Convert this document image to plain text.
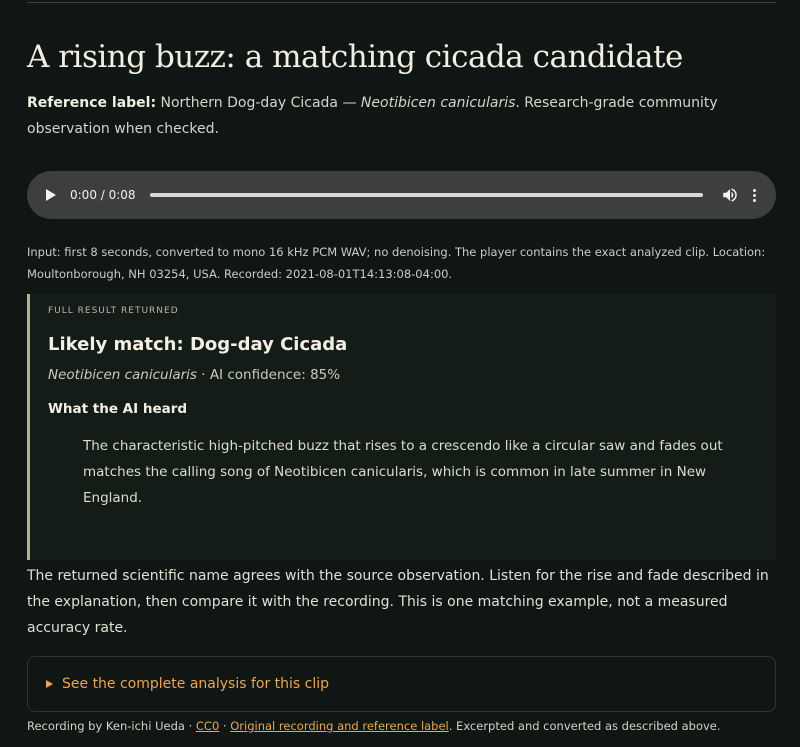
A rising buzz: a matching cicada candidate
Reference label: Northern Dog-day Cicada — Neotibicen canicularis. Research-grade community observation when checked.
0:00 / 0:08
Input: first 8 seconds, converted to mono 16 kHz PCM WAV; no denoising. The player contains the exact analyzed clip. Location: Moultonborough, NH 03254, USA. Recorded: 2021-08-01T14:13:08-04:00.
FULL RESULT RETURNED
Likely match: Dog-day Cicada
Neotibicen canicularis · AI confidence: 85%
What the AI heard
The characteristic high-pitched buzz that rises to a crescendo like a circular saw and fades out matches the calling song of Neotibicen canicularis, which is common in late summer in New England.
The returned scientific name agrees with the source observation. Listen for the rise and fade described in the explanation, then compare it with the recording. This is one matching example, not a measured accuracy rate.
See the complete analysis for this clip
Recording by Ken-ichi Ueda · CC0 · Original recording and reference label. Excerpted and converted as described above.
